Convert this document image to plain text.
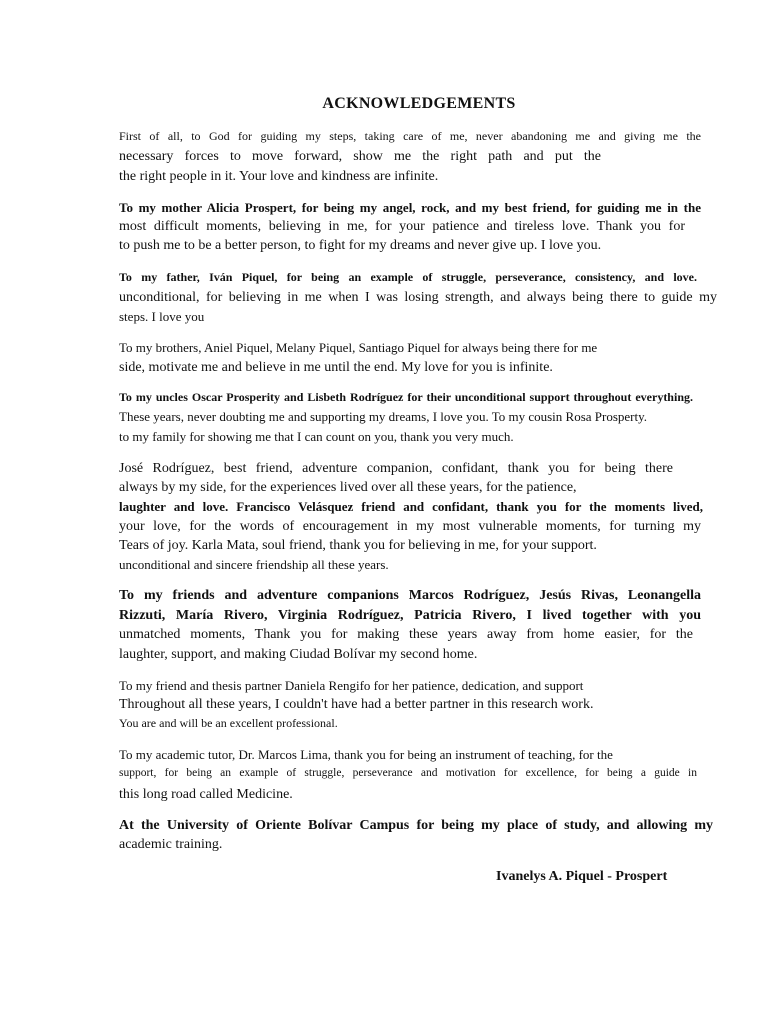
ACKNOWLEDGEMENTS
First of all, to God for guiding my steps, taking care of me, never abandoning me and giving me the
necessary forces to move forward, show me the right path and put the
the right people in it. Your love and kindness are infinite.
To my mother Alicia Prospert, for being my angel, rock, and my best friend, for guiding me in the
most difficult moments, believing in me, for your patience and tireless love. Thank you for
to push me to be a better person, to fight for my dreams and never give up. I love you.
To my father, Iván Piquel, for being an example of struggle, perseverance, consistency, and love.
unconditional, for believing in me when I was losing strength, and always being there to guide my
steps. I love you
To my brothers, Aniel Piquel, Melany Piquel, Santiago Piquel for always being there for me
side, motivate me and believe in me until the end. My love for you is infinite.
To my uncles Oscar Prosperity and Lisbeth Rodríguez for their unconditional support throughout everything.
These years, never doubting me and supporting my dreams, I love you. To my cousin Rosa Prosperty.
to my family for showing me that I can count on you, thank you very much.
José Rodríguez, best friend, adventure companion, confidant, thank you for being there
always by my side, for the experiences lived over all these years, for the patience,
laughter and love. Francisco Velásquez friend and confidant, thank you for the moments lived,
your love, for the words of encouragement in my most vulnerable moments, for turning my
Tears of joy. Karla Mata, soul friend, thank you for believing in me, for your support.
unconditional and sincere friendship all these years.
To my friends and adventure companions Marcos Rodríguez, Jesús Rivas, Leonangella
Rizzuti, María Rivero, Virginia Rodríguez, Patricia Rivero, I lived together with you
unmatched moments, Thank you for making these years away from home easier, for the
laughter, support, and making Ciudad Bolívar my second home.
To my friend and thesis partner Daniela Rengifo for her patience, dedication, and support
Throughout all these years, I couldn't have had a better partner in this research work.
You are and will be an excellent professional.
To my academic tutor, Dr. Marcos Lima, thank you for being an instrument of teaching, for the
support, for being an example of struggle, perseverance and motivation for excellence, for being a guide in
this long road called Medicine.
At the University of Oriente Bolívar Campus for being my place of study, and allowing my
academic training.
Ivanelys A. Piquel - Prospert
